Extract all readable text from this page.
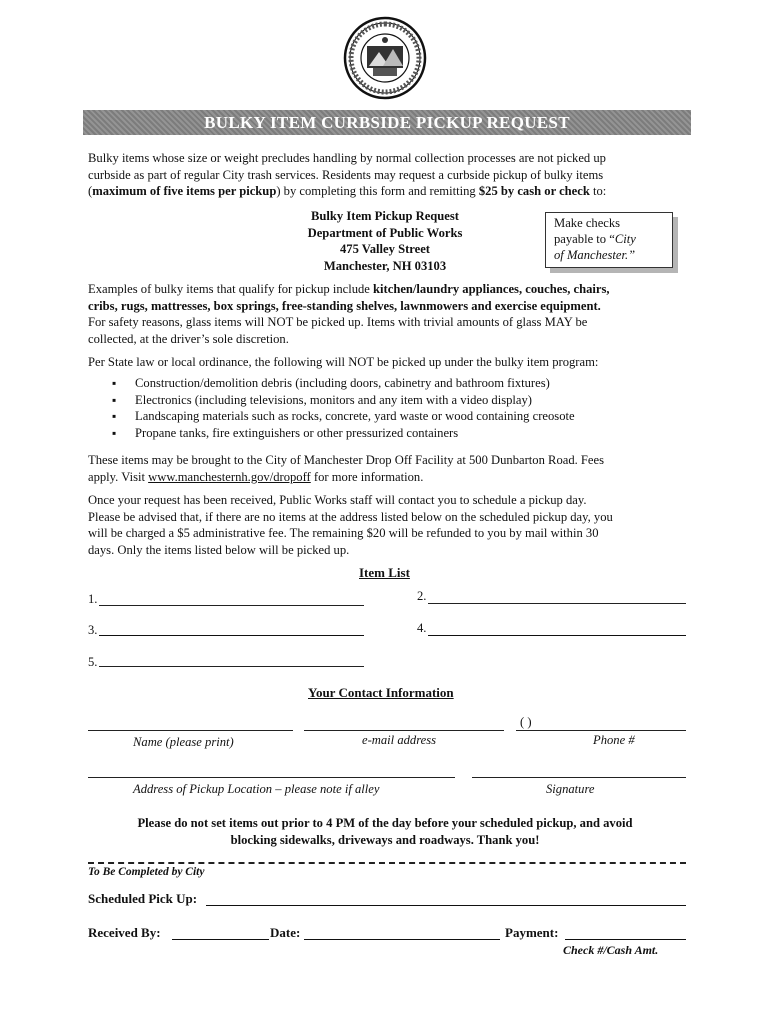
BULKY ITEM CURBSIDE PICKUP REQUEST
Bulky items whose size or weight precludes handling by normal collection processes are not picked up
curbside as part of regular City trash services. Residents may request a curbside pickup of bulky items
(maximum of five items per pickup) by completing this form and remitting $25 by cash or check to:
Bulky Item Pickup Request
Department of Public Works
475 Valley Street
Manchester, NH 03103
Make checks
payable to “City
of Manchester.”
Examples of bulky items that qualify for pickup include kitchen/laundry appliances, couches, chairs,
cribs, rugs, mattresses, box springs, free-standing shelves, lawnmowers and exercise equipment.
For safety reasons, glass items will NOT be picked up. Items with trivial amounts of glass MAY be
collected, at the driver’s sole discretion.
Per State law or local ordinance, the following will NOT be picked up under the bulky item program:
▪ Construction/demolition debris (including doors, cabinetry and bathroom fixtures)
▪ Electronics (including televisions, monitors and any item with a video display)
▪ Landscaping materials such as rocks, concrete, yard waste or wood containing creosote
▪ Propane tanks, fire extinguishers or other pressurized containers
These items may be brought to the City of Manchester Drop Off Facility at 500 Dunbarton Road. Fees
apply. Visit www.manchesternh.gov/dropoff for more information.
Once your request has been received, Public Works staff will contact you to schedule a pickup day.
Please be advised that, if there are no items at the address listed below on the scheduled pickup day, you
will be charged a $5 administrative fee. The remaining $20 will be refunded to you by mail within 30
days. Only the items listed below will be picked up.
Item List
1.	2.
3.	4.
5.
Your Contact Information
( )
Name (please print)	e-mail address	Phone #
Address of Pickup Location – please note if alley	Signature
Please do not set items out prior to 4 PM of the day before your scheduled pickup, and avoid
blocking sidewalks, driveways and roadways. Thank you!
To Be Completed by City
Scheduled Pick Up:
Received By:	Date:	Payment:
Check #/Cash Amt.
